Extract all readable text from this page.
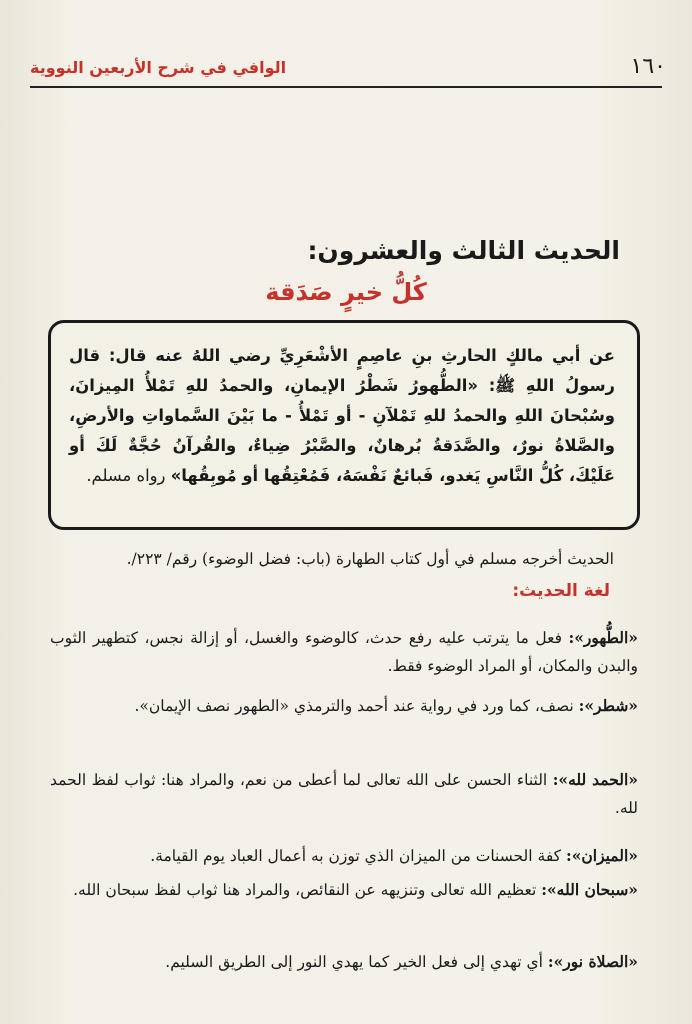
١٦٠
الوافي في شرح الأربعين النووية
الحديث الثالث والعشرون:
كُلُّ خيرٍ صَدَقة
عن أبي مالكٍ الحارثِ بنِ عاصِمٍ الأشْعَرِيِّ رضي اللهُ عنه قال: قال رسولُ اللهِ ﷺ: «الطُّهورُ شَطْرُ الإيمانِ، والحمدُ للهِ تَمْلأُ المِيزانَ، وسُبْحانَ اللهِ والحمدُ للهِ تَمْلآنِ - أو تَمْلأُ - ما بَيْنَ السَّماواتِ والأرضِ، والصَّلاةُ نورٌ، والصَّدَقةُ بُرهانٌ، والصَّبْرُ ضِياءٌ، والقُرآنُ حُجَّةٌ لَكَ أو عَلَيْكَ، كُلُّ النَّاسِ يَغدو، فَبائعٌ نَفْسَهُ، فَمُعْتِقُها أو مُوبِقُها» رواه مسلم.
الحديث أخرجه مسلم في أول كتاب الطهارة (باب: فضل الوضوء) رقم/ ٢٢٣/.
لغة الحديث:
«الطُّهور»: فعل ما يترتب عليه رفع حدث، كالوضوء والغسل، أو إزالة نجس، كتطهير الثوب والبدن والمكان، أو المراد الوضوء فقط.
«شطر»: نصف، كما ورد في رواية عند أحمد والترمذي «الطهور نصف الإيمان».
«الحمد لله»: الثناء الحسن على الله تعالى لما أعطى من نعم، والمراد هنا: ثواب لفظ الحمد لله.
«الميزان»: كفة الحسنات من الميزان الذي توزن به أعمال العباد يوم القيامة.
«سبحان الله»: تعظيم الله تعالى وتنزيهه عن النقائص، والمراد هنا ثواب لفظ سبحان الله.
«الصلاة نور»: أي تهدي إلى فعل الخير كما يهدي النور إلى الطريق السليم.
